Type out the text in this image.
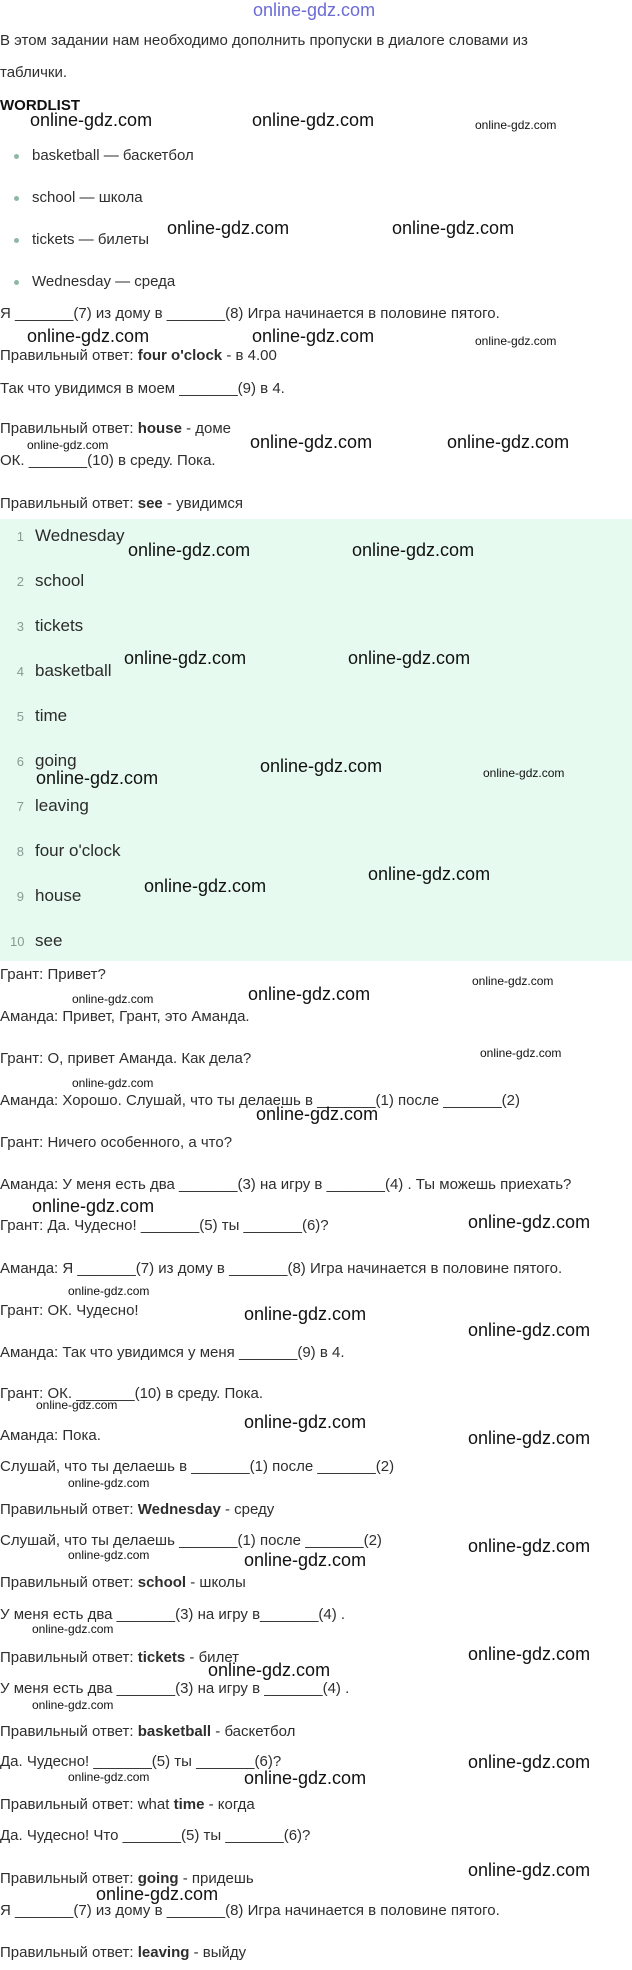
online-gdz.com
В этом задании нам необходимо дополнить пропуски в диалоге словами из
таблички.
WORDLIST
basketball — баскетбол
school — школа
tickets — билеты
Wednesday — среда
Я _______(7) из дому в _______(8) Игра начинается в половине пятого.
Правильный ответ: four o'clock - в 4.00
Так что увидимся в моем _______(9) в 4.
Правильный ответ: house - доме
ОК. _______(10) в среду. Пока.
Правильный ответ: see - увидимся
1 Wednesday
2 school
3 tickets
4 basketball
5 time
6 going
7 leaving
8 four o'clock
9 house
10 see
Грант: Привет?
Аманда: Привет, Грант, это Аманда.
Грант: О, привет Аманда. Как дела?
Аманда: Хорошо. Слушай, что ты делаешь в _______(1) после _______(2)
Грант: Ничего особенного, а что?
Аманда: У меня есть два _______(3) на игру в _______(4) . Ты можешь приехать?
Грант: Да. Чудесно! _______(5) ты _______(6)?
Аманда: Я _______(7) из дому в _______(8) Игра начинается в половине пятого.
Грант: ОК. Чудесно!
Аманда: Так что увидимся у меня _______(9) в 4.
Грант: ОК. _______(10) в среду. Пока.
Аманда: Пока.
Слушай, что ты делаешь в _______(1) после _______(2)
Правильный ответ: Wednesday - среду
Слушай, что ты делаешь _______(1) после _______(2)
Правильный ответ: school - школы
У меня есть два _______(3) на игру в_______(4) .
Правильный ответ: tickets - билет
У меня есть два _______(3) на игру в _______(4) .
Правильный ответ: basketball - баскетбол
Да. Чудесно! _______(5) ты _______(6)?
Правильный ответ: what time - когда
Да. Чудесно! Что _______(5) ты _______(6)?
Правильный ответ: going - придешь
Я _______(7) из дому в _______(8) Игра начинается в половине пятого.
Правильный ответ: leaving - выйду
online-gdz.com	online-gdz.com	online-gdz.com
online-gdz.com	online-gdz.com
online-gdz.com	online-gdz.com	online-gdz.com
online-gdz.com	online-gdz.com	online-gdz.com
online-gdz.com	online-gdz.com
online-gdz.com	online-gdz.com
online-gdz.com	online-gdz.com
online-gdz.com
online-gdz.com
online-gdz.com
online-gdz.com
online-gdz.com
online-gdz.com
online-gdz.com
online-gdz.com
online-gdz.com
online-gdz.com
online-gdz.com
online-gdz.com
online-gdz.com
online-gdz.com
online-gdz.com
online-gdz.com
online-gdz.com
online-gdz.com
online-gdz.com	online-gdz.com
online-gdz.com
online-gdz.com
online-gdz.com
online-gdz.com
online-gdz.com
online-gdz.com
online-gdz.com
online-gdz.com
online-gdz.com
online-gdz.com
